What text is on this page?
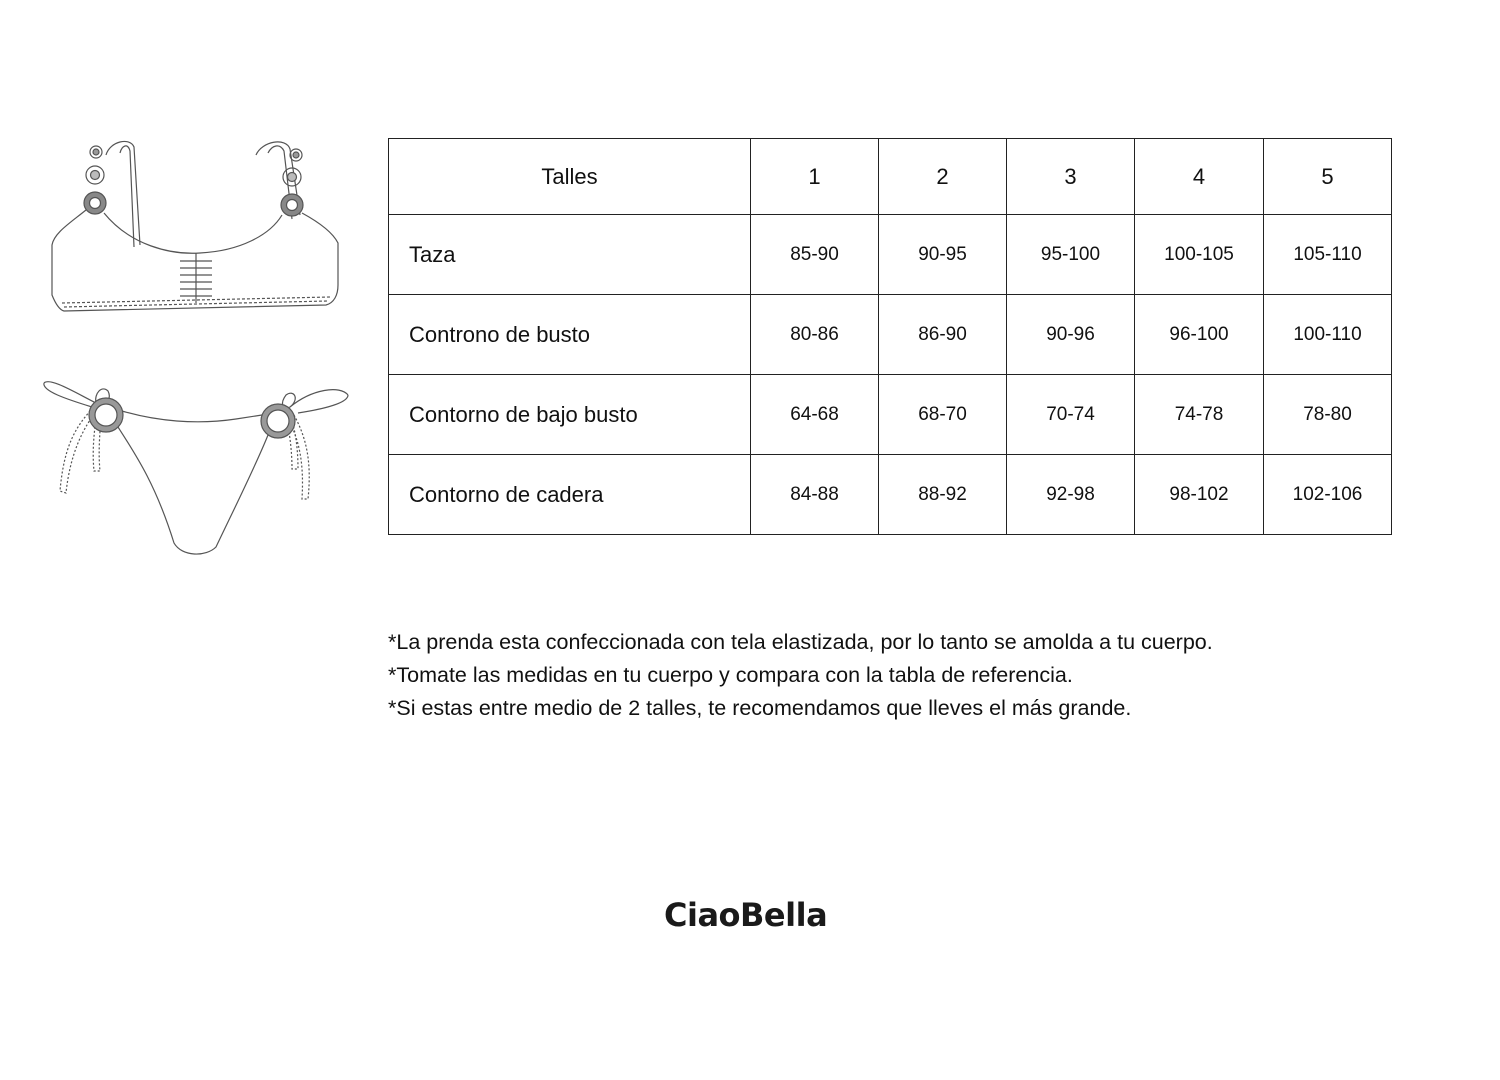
Talles	1	2	3	4	5
Taza	85-90	90-95	95-100	100-105	105-110
Controno de busto	80-86	86-90	90-96	96-100	100-110
Contorno de bajo busto	64-68	68-70	70-74	74-78	78-80
Contorno de cadera	84-88	88-92	92-98	98-102	102-106

*La prenda esta confeccionada con tela elastizada, por lo tanto se amolda a tu cuerpo.

*Tomate las medidas en tu cuerpo y compara con la tabla de referencia.

*Si estas entre medio de 2 talles, te recomendamos que lleves el más grande.

CiaoBella
